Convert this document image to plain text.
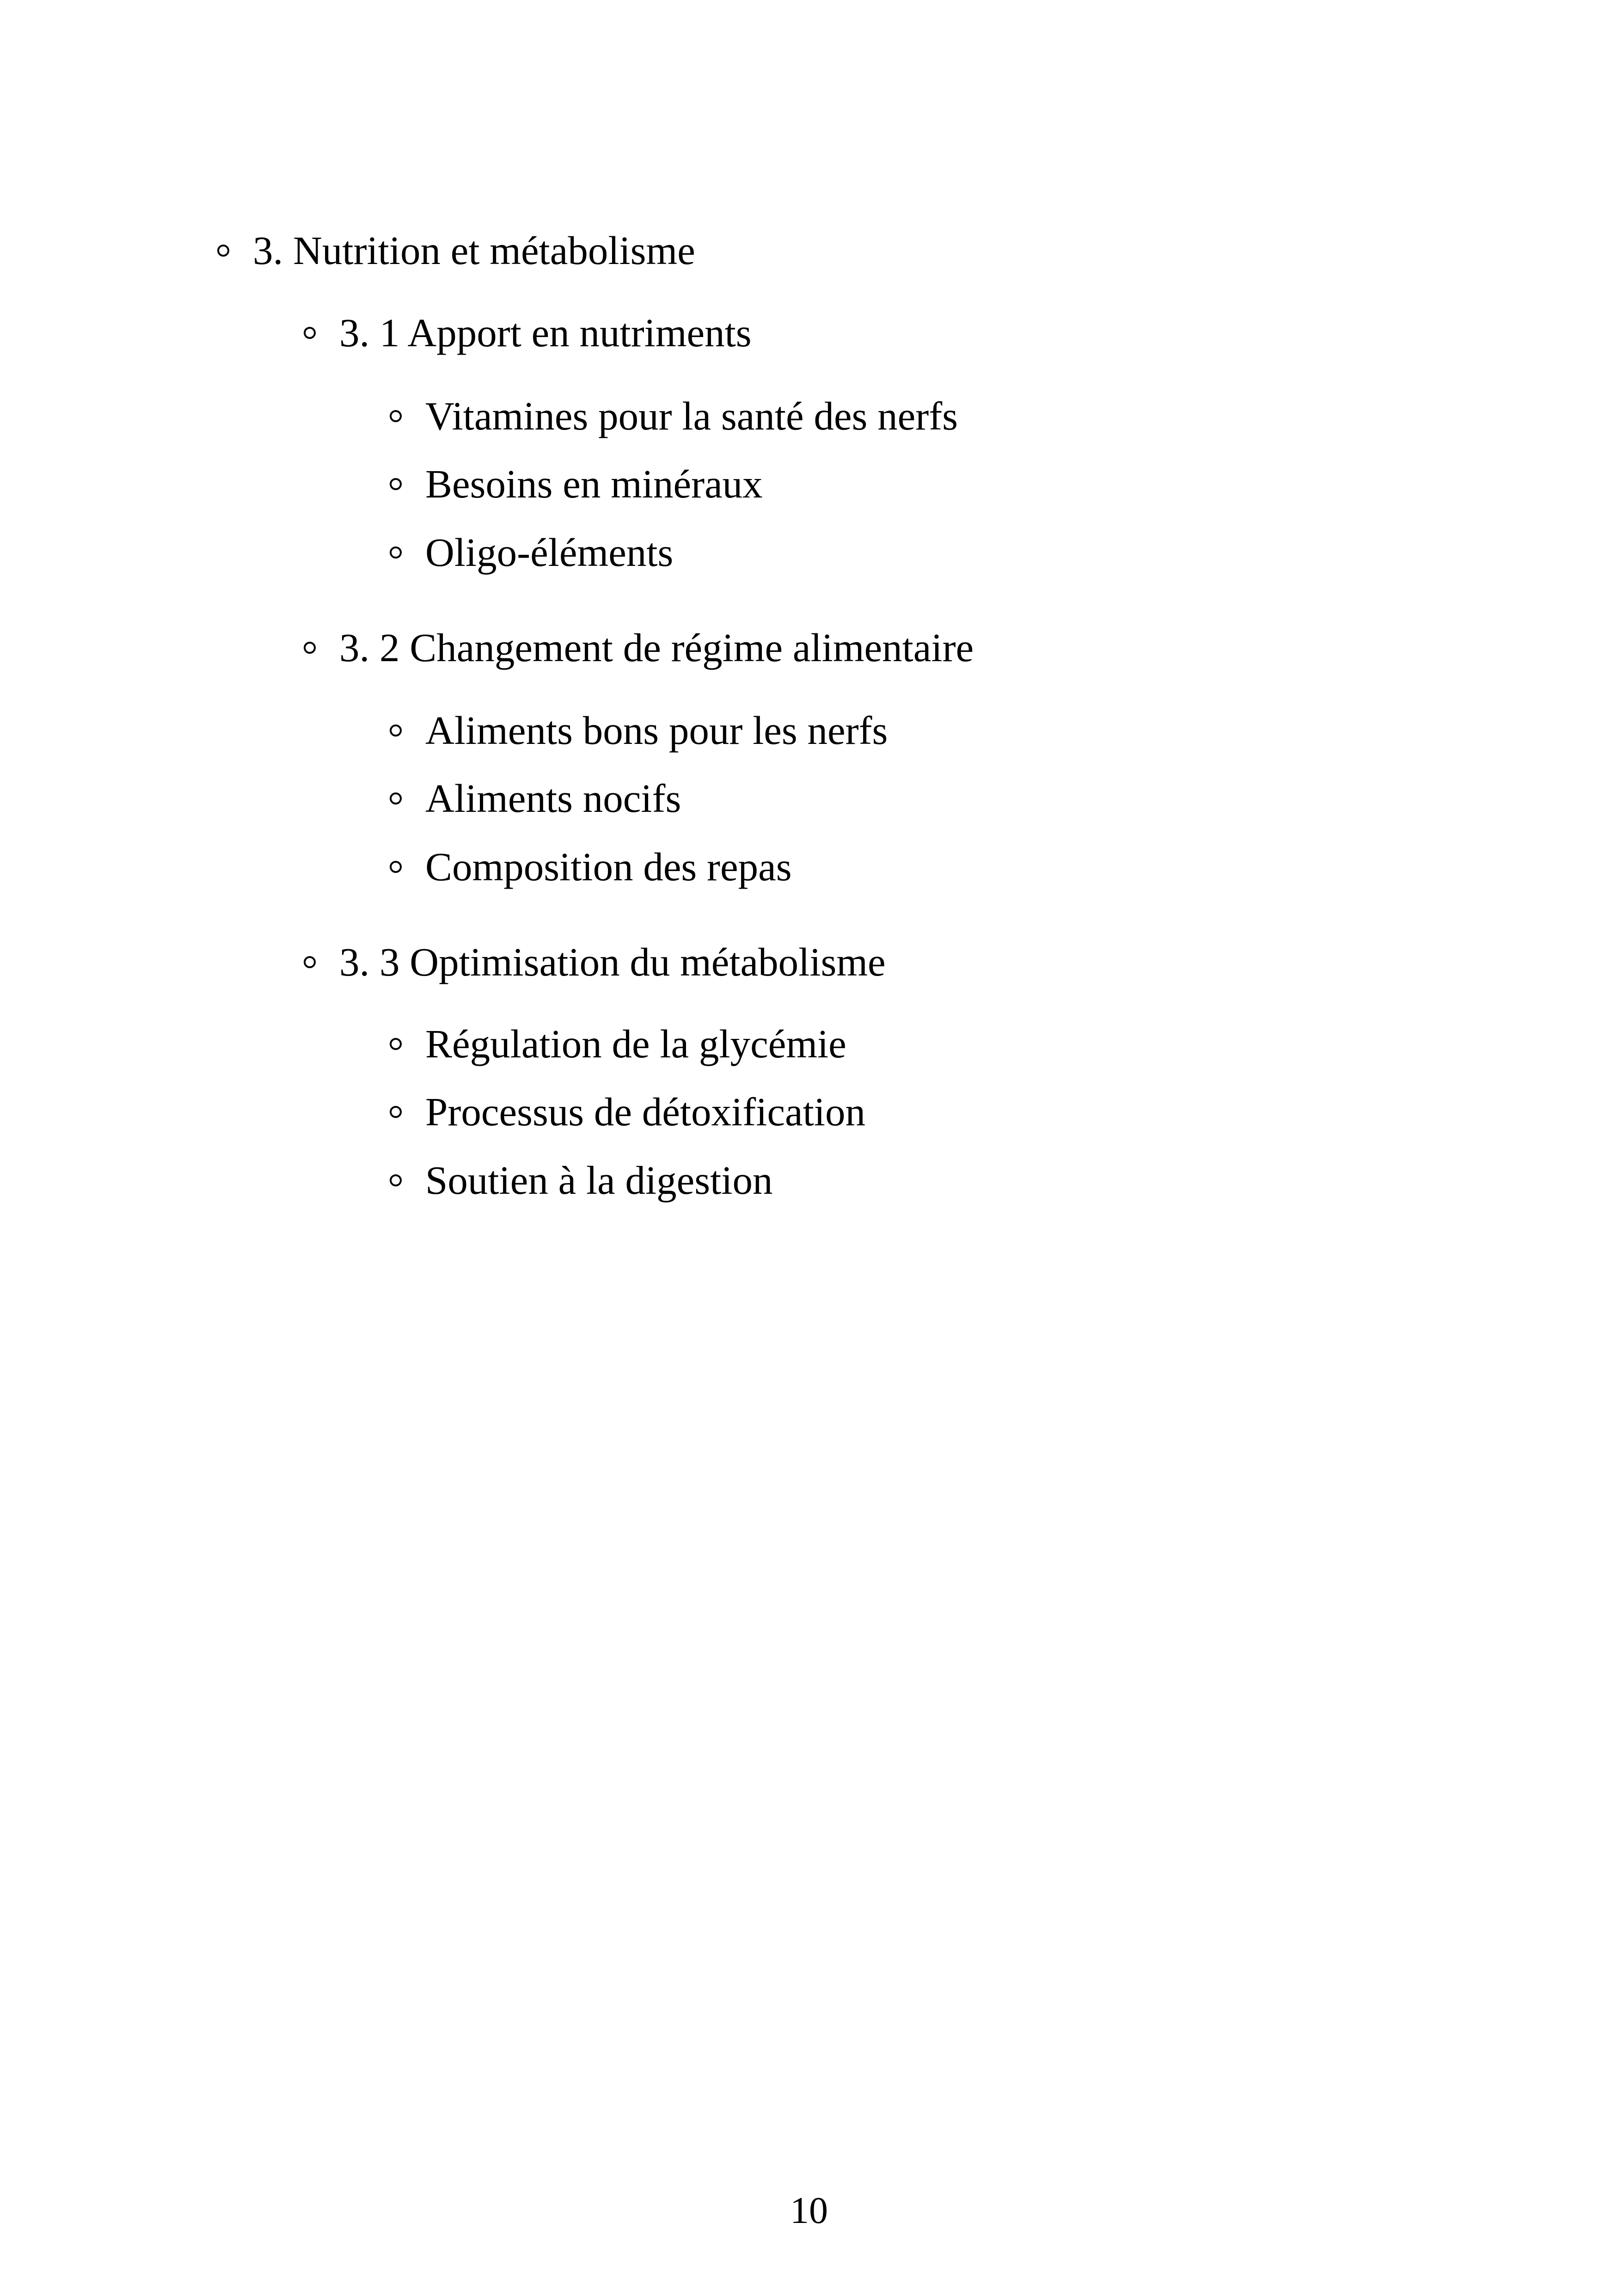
3. Nutrition et métabolisme
3. 1 Apport en nutriments
Vitamines pour la santé des nerfs
Besoins en minéraux
Oligo-éléments
3. 2 Changement de régime alimentaire
Aliments bons pour les nerfs
Aliments nocifs
Composition des repas
3. 3 Optimisation du métabolisme
Régulation de la glycémie
Processus de détoxification
Soutien à la digestion
10
